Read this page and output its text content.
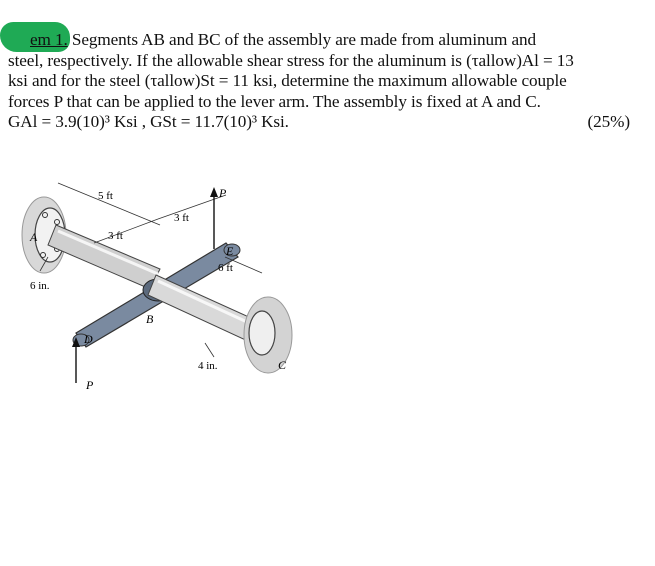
em 1. Segments AB and BC of the assembly are made from aluminum and
steel, respectively. If the allowable shear stress for the aluminum is (τallow)Al = 13
ksi and for the steel (τallow)St = 11 ksi, determine the maximum allowable couple
forces P that can be applied to the lever arm. The assembly is fixed at A and C.
GAl = 3.9(10)³ Ksi , GSt = 11.7(10)³ Ksi.	(25%)
5 ft
3 ft
3 ft
6 in.
6 ft
4 in.
A
B
C
D
E
P
P
